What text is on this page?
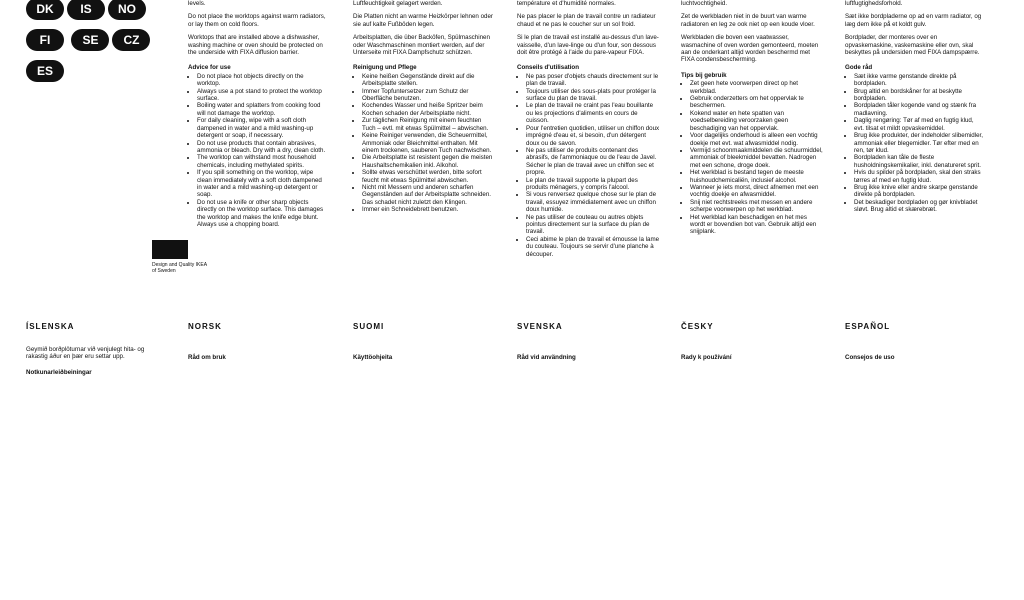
DK IS NOFI	SE CZES
Design and Quality IKEA of Sweden

levels.

Do not place the worktops against warm radiators, or lay them on cold floors.

Worktops that are installed above a dishwasher, washing machine or oven should be protected on the underside with FIXA diffusion barrier.

Advice for use
• Do not place hot objects directly on the worktop.
• Always use a pot stand to protect the worktop surface.
• Boiling water and splatters from cooking food will not damage the worktop.
• For daily cleaning, wipe with a soft cloth dampened in water and a mild washing-up detergent or soap, if necessary.
• Do not use products that contain abrasives, ammonia or bleach. Dry with a dry, clean cloth.
• The worktop can withstand most household chemicals, including methylated spirits.
• If you spill something on the worktop, wipe clean immediately with a soft cloth dampened in water and a mild washing-up detergent or soap.
• Do not use a knife or other sharp objects directly on the worktop surface. This damages the worktop and makes the knife edge blunt. Always use a chopping board.

Luftfeuchtigkeit gelagert werden.

Die Platten nicht an warme Heizkörper lehnen oder sie auf kalte Fußböden legen.

Arbeitsplatten, die über Backöfen, Spülmaschinen oder Waschmaschinen montiert werden, auf der Unterseite mit FIXA Dampfschutz schützen.

Reinigung und Pflege
• Keine heißen Gegenstände direkt auf die Arbeitsplatte stellen.
• Immer Topfuntersetzer zum Schutz der Oberfläche benutzen.
• Kochendes Wasser und heiße Spritzer beim Kochen schaden der Arbeitsplatte nicht.
• Zur täglichen Reinigung mit einem feuchten Tuch – evtl. mit etwas Spülmittel – abwischen.
• Keine Reiniger verwenden, die Scheuermittel, Ammoniak oder Bleichmittel enthalten. Mit einem trockenen, sauberen Tuch nachwischen.
• Die Arbeitsplatte ist resistent gegen die meisten Haushaltschemikalien inkl. Alkohol.
• Sollte etwas verschüttet werden, bitte sofort feucht mit etwas Spülmittel abwischen.
• Nicht mit Messern und anderen scharfen Gegenständen auf der Arbeitsplatte schneiden. Das schadet nicht zuletzt den Klingen.
• Immer ein Schneidebrett benutzen.

température et d'humidité normales.

Ne pas placer le plan de travail contre un radiateur chaud et ne pas le coucher sur un sol froid.

Si le plan de travail est installé au-dessus d'un lave-vaisselle, d'un lave-linge ou d'un four, son dessous doit être protégé à l'aide du pare-vapeur FIXA.

Conseils d'utilisation
• Ne pas poser d'objets chauds directement sur le plan de travail.
• Toujours utiliser des sous-plats pour protéger la surface du plan de travail.
• Le plan de travail ne craint pas l'eau bouillante ou les projections d'aliments en cours de cuisson.
• Pour l'entretien quotidien, utiliser un chiffon doux imprégné d'eau et, si besoin, d'un détergent doux ou de savon.
• Ne pas utiliser de produits contenant des abrasifs, de l'ammoniaque ou de l'eau de Javel. Sécher le plan de travail avec un chiffon sec et propre.
• Le plan de travail supporte la plupart des produits ménagers, y compris l'alcool.
• Si vous renversez quelque chose sur le plan de travail, essuyez immédiatement avec un chiffon doux humide.
• Ne pas utiliser de couteau ou autres objets pointus directement sur la surface du plan de travail.
• Ceci abime le plan de travail et émousse la lame du couteau. Toujours se servir d'une planche à découper.

luchtvochtigheid.

Zet de werkbladen niet in de buurt van warme radiatoren en leg ze ook niet op een koude vloer.

Werkbladen die boven een vaatwasser, wasmachine of oven worden gemonteerd, moeten aan de onderkant altijd worden beschermd met FIXA condensbescherming.

Tips bij gebruik
• Zet geen hete voorwerpen direct op het werkblad.
• Gebruik onderzetters om het oppervlak te beschermen.
• Kokend water en hete spatten van voedselbereiding veroorzaken geen beschadiging van het oppervlak.
• Voor dagelijks onderhoud is alleen een vochtig doekje met evt. wat afwasmiddel nodig.
• Vermijd schoonmaakmiddelen die schuurmiddel, ammoniak of bleekmiddel bevatten. Nadrogen met een schone, droge doek.
• Het werkblad is bestand tegen de meeste huishoudchemicaliën, inclusief alcohol.
• Wanneer je iets morst, direct afnemen met een vochtig doekje en afwasmiddel.
• Snij niet rechtstreeks met messen en andere scherpe voorwerpen op het werkblad.
• Het werkblad kan beschadigen en het mes wordt er bovendien bot van. Gebruik altijd een snijplank.

luftfugtighedsforhold.

Sæt ikke bordpladerne op ad en varm radiator, og læg dem ikke på et koldt gulv.

Bordplader, der monteres over en opvaskemaskine, vaskemaskine eller ovn, skal beskyttes på undersiden med FIXA dampspærre.

Gode råd
• Sæt ikke varme genstande direkte på bordpladen.
• Brug altid en bordskåner for at beskytte bordpladen.
• Bordpladen tåler kogende vand og stænk fra madlavning.
• Daglig rengøring: Tør af med en fugtig klud, evt. tilsat et mildt opvaskemiddel.
• Brug ikke produkter, der indeholder slibemidler, ammoniak eller blegemidler. Tør efter med en ren, tør klud.
• Bordpladen kan tåle de fleste husholdningskemikalier, inkl. denatureret sprit.
• Hvis du spilder på bordpladen, skal den straks tørres af med en fugtig klud.
• Brug ikke knive eller andre skarpe genstande direkte på bordpladen.
• Det beskadiger bordpladen og gør knivbladet sløvt. Brug altid et skærebræt.
ÍSLENSKA	NORSK	SUOMI	SVENSKA	ČESKY	ESPAÑOL

Geymið borðplöturnar við venjulegt hita- og rakastig áður en þær eru settar upp.

Notkunarleiðbeiningar

Råd om bruk	Käyttöohjeita	Råd vid användning	Rady k používání	Consejos de uso
